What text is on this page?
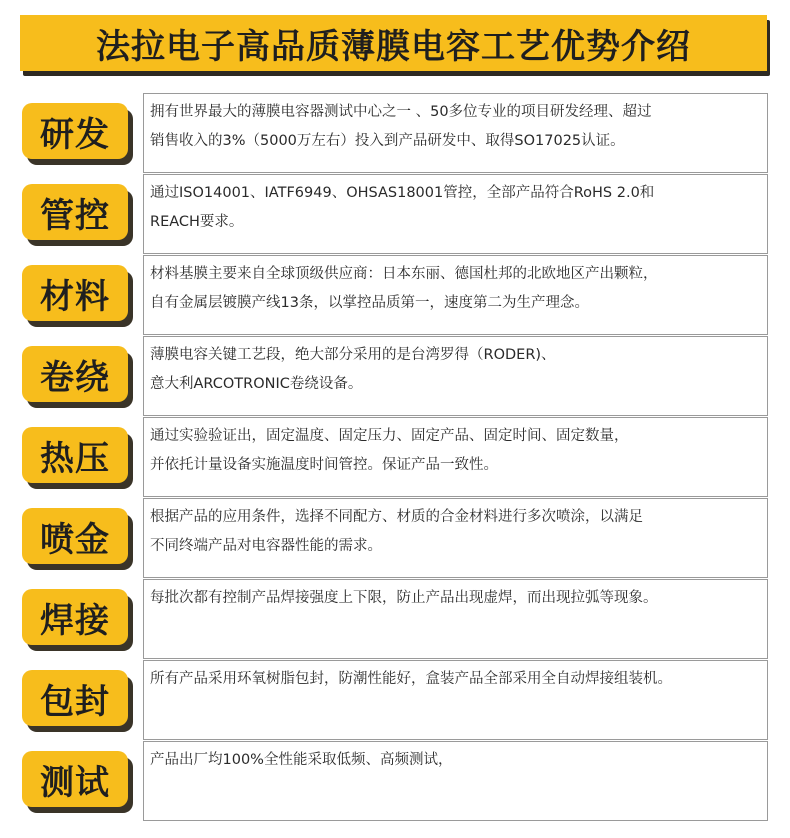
法拉电子高品质薄膜电容工艺优势介绍
研发
拥有世界最大的薄膜电容器测试中心之一 、50多位专业的项目研发经理、超过
销售收入的3%（5000万左右）投入到产品研发中、取得SO17025认证。
管控
通过ISO14001、IATF6949、OHSAS18001管控，全部产品符合RoHS 2.0和
REACH要求。
材料
材料基膜主要来自全球顶级供应商：日本东丽、德国杜邦的北欧地区产出颗粒，
自有金属层镀膜产线13条，以掌控品质第一，速度第二为生产理念。
卷绕
薄膜电容关键工艺段，绝大部分采用的是台湾罗得（RODER)、
意大利ARCOTRONIC卷绕设备。
热压
通过实验验证出，固定温度、固定压力、固定产品、固定时间、固定数量，
并依托计量设备实施温度时间管控。保证产品一致性。
喷金
根据产品的应用条件，选择不同配方、材质的合金材料进行多次喷涂，以满足
不同终端产品对电容器性能的需求。
焊接
每批次都有控制产品焊接强度上下限，防止产品出现虚焊，而出现拉弧等现象。
包封
所有产品采用环氧树脂包封，防潮性能好，盒装产品全部采用全自动焊接组装机。
测试
产品出厂均100%全性能采取低频、高频测试，
